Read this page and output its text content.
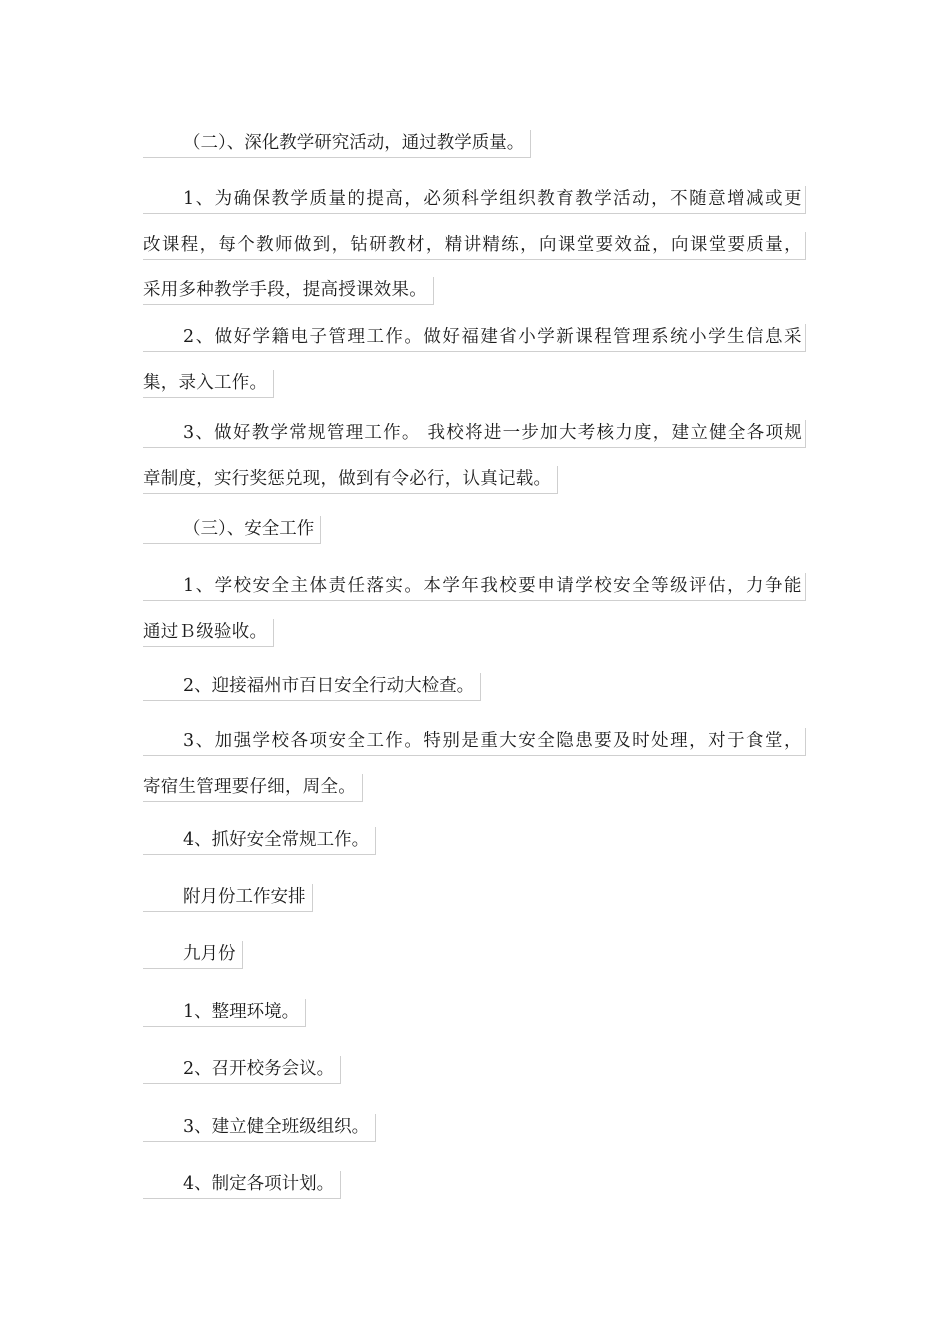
（二）、深化教学研究活动，通过教学质量。
1、为确保教学质量的提高，必须科学组织教育教学活动，不随意增减或更
改课程，每个教师做到，钻研教材，精讲精练，向课堂要效益，向课堂要质量，
采用多种教学手段，提高授课效果。
2、做好学籍电子管理工作。做好福建省小学新课程管理系统小学生信息采
集，录入工作。
3、做好教学常规管理工作。 我校将进一步加大考核力度，建立健全各项规
章制度，实行奖惩兑现，做到有令必行，认真记载。
（三）、安全工作
1、学校安全主体责任落实。本学年我校要申请学校安全等级评估，力争能
通过Ｂ级验收。
2、迎接福州市百日安全行动大检查。
3、加强学校各项安全工作。特别是重大安全隐患要及时处理，对于食堂，
寄宿生管理要仔细，周全。
4、抓好安全常规工作。
附月份工作安排
九月份
1、整理环境。
2、召开校务会议。
3、建立健全班级组织。
4、制定各项计划。
